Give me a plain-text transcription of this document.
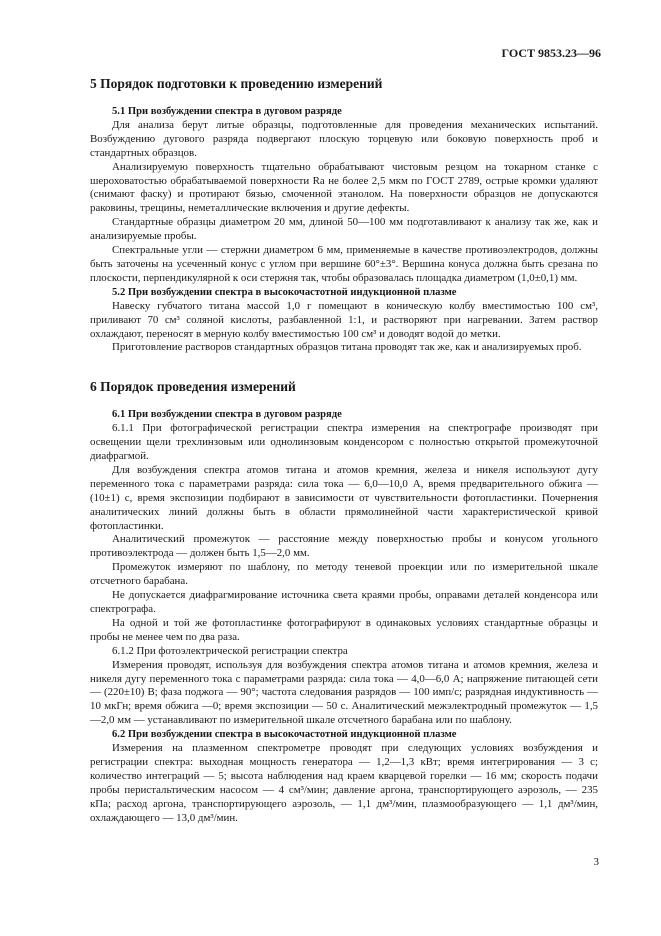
ГОСТ 9853.23—96
5 Порядок подготовки к проведению измерений

5.1 При возбуждении спектра в дуговом разряде

Для анализа берут литые образцы, подготовленные для проведения механических испытаний. Возбуждению дугового разряда подвергают плоскую торцевую или боковую поверхность проб и стандартных образцов.

Анализируемую поверхность тщательно обрабатывают чистовым резцом на токарном станке с шероховатостью обрабатываемой поверхности Ra не более 2,5 мкм по ГОСТ 2789, острые кромки удаляют (снимают фаску) и протирают бязью, смоченной этанолом. На поверхности образцов не допускаются раковины, трещины, неметаллические включения и другие дефекты.

Стандартные образцы диаметром 20 мм, длиной 50—100 мм подготавливают к анализу так же, как и анализируемые пробы.

Спектральные угли — стержни диаметром 6 мм, применяемые в качестве противоэлектродов, должны быть заточены на усеченный конус с углом при вершине 60°±3°. Вершина конуса должна быть срезана по плоскости, перпендикулярной к оси стержня так, чтобы образовалась площадка диаметром (1,0±0,1) мм.

5.2 При возбуждении спектра в высокочастотной индукционной плазме

Навеску губчатого титана массой 1,0 г помещают в коническую колбу вместимостью 100 см³, приливают 70 см³ соляной кислоты, разбавленной 1:1, и растворяют при нагревании. Затем раствор охлаждают, переносят в мерную колбу вместимостью 100 см³ и доводят водой до метки.

Приготовление растворов стандартных образцов титана проводят так же, как и анализируемых проб.

6 Порядок проведения измерений

6.1 При возбуждении спектра в дуговом разряде

6.1.1 При фотографической регистрации спектра измерения на спектрографе производят при освещении щели трехлинзовым или однолинзовым конденсором с полностью открытой промежуточной диафрагмой.

Для возбуждения спектра атомов титана и атомов кремния, железа и никеля используют дугу переменного тока с параметрами разряда: сила тока — 6,0—10,0 А, время предварительного обжига — (10±1) с, время экспозиции подбирают в зависимости от чувствительности фотопластинки. Почернения аналитических линий должны быть в области прямолинейной части характеристической кривой фотопластинки.

Аналитический промежуток — расстояние между поверхностью пробы и конусом угольного противоэлектрода — должен быть 1,5—2,0 мм.

Промежуток измеряют по шаблону, по методу теневой проекции или по измерительной шкале отсчетного барабана.

Не допускается диафрагмирование источника света краями пробы, оправами деталей конденсора или спектрографа.

На одной и той же фотопластинке фотографируют в одинаковых условиях стандартные образцы и пробы не менее чем по два раза.

6.1.2 При фотоэлектрической регистрации спектра

Измерения проводят, используя для возбуждения спектра атомов титана и атомов кремния, железа и никеля дугу переменного тока с параметрами разряда: сила тока — 4,0—6,0 А; напряжение питающей сети — (220±10) В; фаза поджога — 90°; частота следования разрядов — 100 имп/с; разрядная индуктивность —10 мкГн; время обжига —0; время экспозиции — 50 с. Аналитический межэлектродный промежуток — 1,5—2,0 мм — устанавливают по измерительной шкале отсчетного барабана или по шаблону.

6.2 При возбуждении спектра в высокочастотной индукционной плазме

Измерения на плазменном спектрометре проводят при следующих условиях возбуждения и регистрации спектра: выходная мощность генератора — 1,2—1,3 кВт; время интегрирования — 3 с; количество интеграций — 5; высота наблюдения над краем кварцевой горелки — 16 мм; скорость подачи пробы перистальтическим насосом — 4 см³/мин; давление аргона, транспортирующего аэрозоль, — 235 кПа; расход аргона, транспортирующего аэрозоль, — 1,1 дм³/мин, плазмообразующего — 1,1 дм³/мин, охлаждающего — 13,0 дм³/мин.

3
